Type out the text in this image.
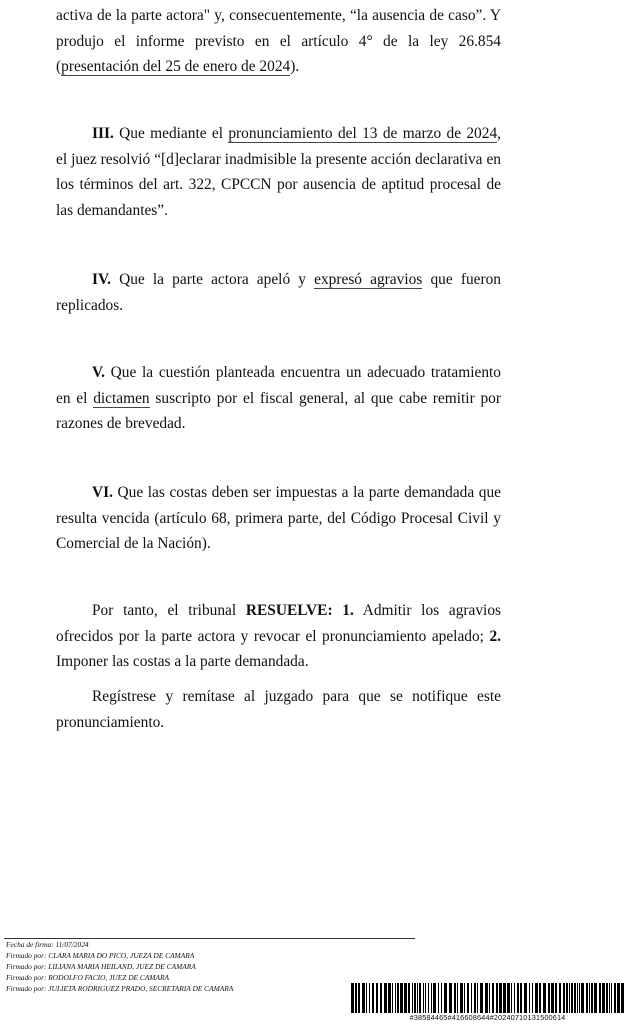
activa de la parte actora" y, consecuentemente, “la ausencia de caso”. Y produjo el informe previsto en el artículo 4° de la ley 26.854 (presentación del 25 de enero de 2024).

III. Que mediante el pronunciamiento del 13 de marzo de 2024, el juez resolvió “[d]eclarar inadmisible la presente acción declarativa en los términos del art. 322, CPCCN por ausencia de aptitud procesal de las demandantes”.

IV. Que la parte actora apeló y expresó agravios que fueron replicados.

V. Que la cuestión planteada encuentra un adecuado tratamiento en el dictamen suscripto por el fiscal general, al que cabe remitir por razones de brevedad.

VI. Que las costas deben ser impuestas a la parte demandada que resulta vencida (artículo 68, primera parte, del Código Procesal Civil y Comercial de la Nación).

Por tanto, el tribunal RESUELVE: 1. Admitir los agravios ofrecidos por la parte actora y revocar el pronunciamiento apelado; 2. Imponer las costas a la parte demandada.

Regístrese y remítase al juzgado para que se notifique este pronunciamiento.

Fecha de firma: 11/07/2024
Firmado por: CLARA MARIA DO PICO, JUEZA DE CAMARA
Firmado por: LILIANA MARIA HEILAND, JUEZ DE CAMARA
Firmado por: RODOLFO FACIO, JUEZ DE CAMARA
Firmado por: JULIETA RODRIGUEZ PRADO, SECRETARIA DE CAMARA
#38584465#416608644#20240710131500614
